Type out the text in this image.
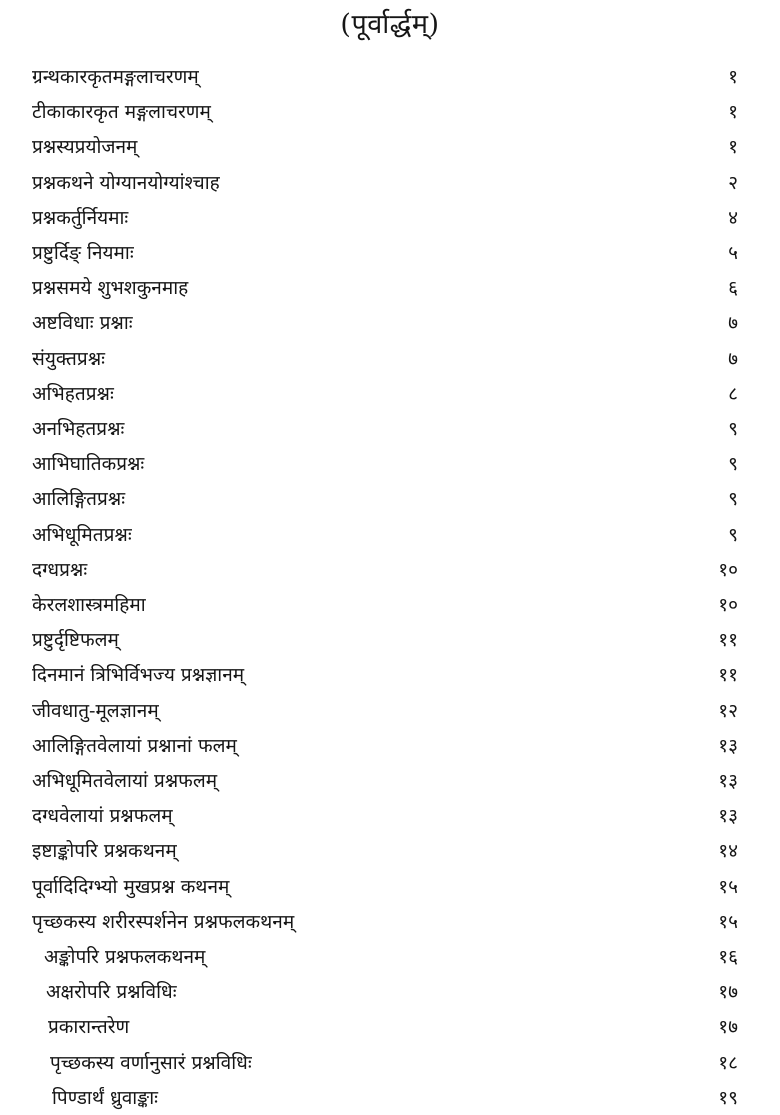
(पूर्वार्द्धम्)
ग्रन्थकारकृतमङ्गलाचरणम्	१
टीकाकारकृत मङ्गलाचरणम्	१
प्रश्नस्यप्रयोजनम्	१
प्रश्नकथने योग्यानयोग्यांश्चाह	२
प्रश्नकर्तुर्नियमाः	४
प्रष्टुर्दिङ् नियमाः	५
प्रश्नसमये शुभशकुनमाह	६
अष्टविधाः प्रश्नाः	७
संयुक्तप्रश्नः	७
अभिहतप्रश्नः	८
अनभिहतप्रश्नः	९
आभिघातिकप्रश्नः	९
आलिङ्गितप्रश्नः	९
अभिधूमितप्रश्नः	९
दग्धप्रश्नः	१०
केरलशास्त्रमहिमा	१०
प्रष्टुर्दृष्टिफलम्	११
दिनमानं त्रिभिर्विभज्य प्रश्नज्ञानम्	११
जीवधातु-मूलज्ञानम्	१२
आलिङ्गितवेलायां प्रश्नानां फलम्	१३
अभिधूमितवेलायां प्रश्नफलम्	१३
दग्धवेलायां प्रश्नफलम्	१३
इष्टाङ्कोपरि प्रश्नकथनम्	१४
पूर्वादिदिग्भ्यो मुखप्रश्न कथनम्	१५
पृच्छकस्य शरीरस्पर्शनेन प्रश्नफलकथनम्	१५
अङ्कोपरि प्रश्नफलकथनम्	१६
अक्षरोपरि प्रश्नविधिः	१७
प्रकारान्तरेण	१७
पृच्छकस्य वर्णानुसारं प्रश्नविधिः	१८
पिण्डार्थं ध्रुवाङ्काः	१९
